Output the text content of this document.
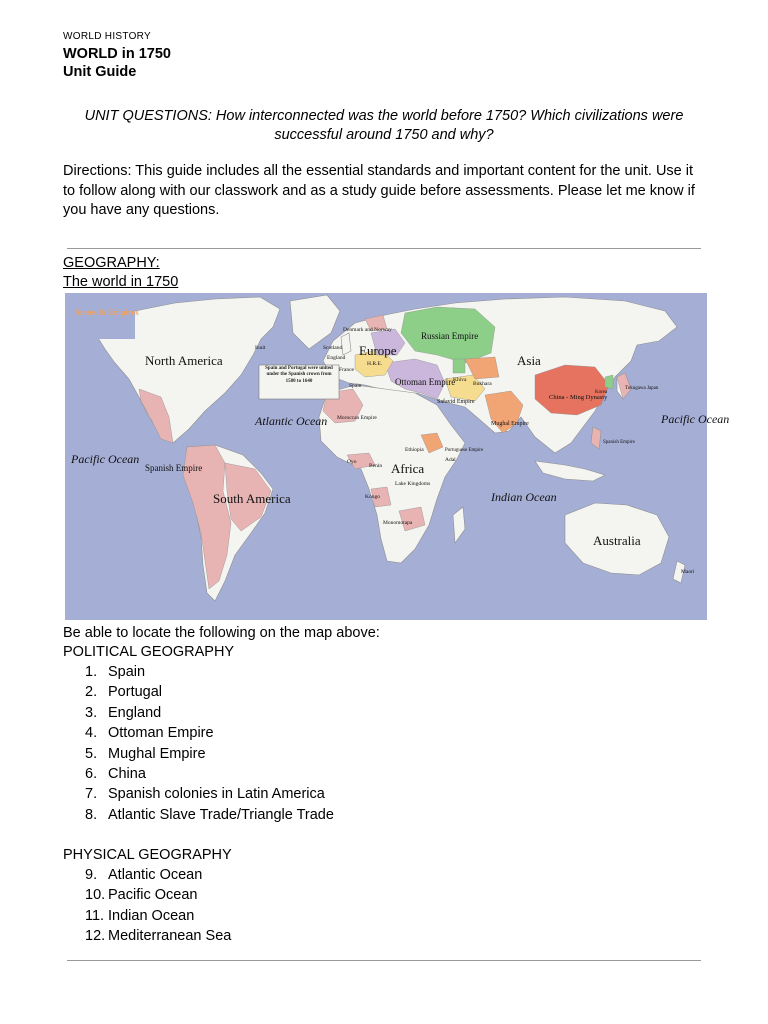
WORLD HISTORY
WORLD in 1750
Unit Guide
UNIT QUESTIONS: How interconnected was the world before 1750? Which civilizations were successful around 1750 and why?
Directions: This guide includes all the essential standards and important content for the unit. Use it to follow along with our classwork and as a study guide before assessments. Please let me know if you have any questions.
GEOGRAPHY:
The world in 1750
States & Empires
Spain and Portugal were united under the Spanish crown from 1580 to 1640
North America
South America
Europe
Asia
Africa
Australia
Atlantic Ocean
Pacific Ocean
Pacific Ocean
Indian Ocean
Spanish Empire
Russian Empire
Ottoman Empire
Safavid Empire
Mughal Empire
China - Ming Dynasty
Denmark and Norway
Scotland
England
France
Spain
H.R.E.
Moroccan Empire
Ethiopia
Oyo
Benin
Adal
Kongo
Lake Kingdoms
Monomotapa
Portuguese Empire
Spanish Empire
Tokugawa Japan
Korea
Bukhara
Khiva
Inuit
Maori
Be able to locate the following on the map above:
POLITICAL GEOGRAPHY
1. Spain
2. Portugal
3. England
4. Ottoman Empire
5. Mughal Empire
6. China
7. Spanish colonies in Latin America
8. Atlantic Slave Trade/Triangle Trade
PHYSICAL GEOGRAPHY
9. Atlantic Ocean
10. Pacific Ocean
11. Indian Ocean
12. Mediterranean Sea
